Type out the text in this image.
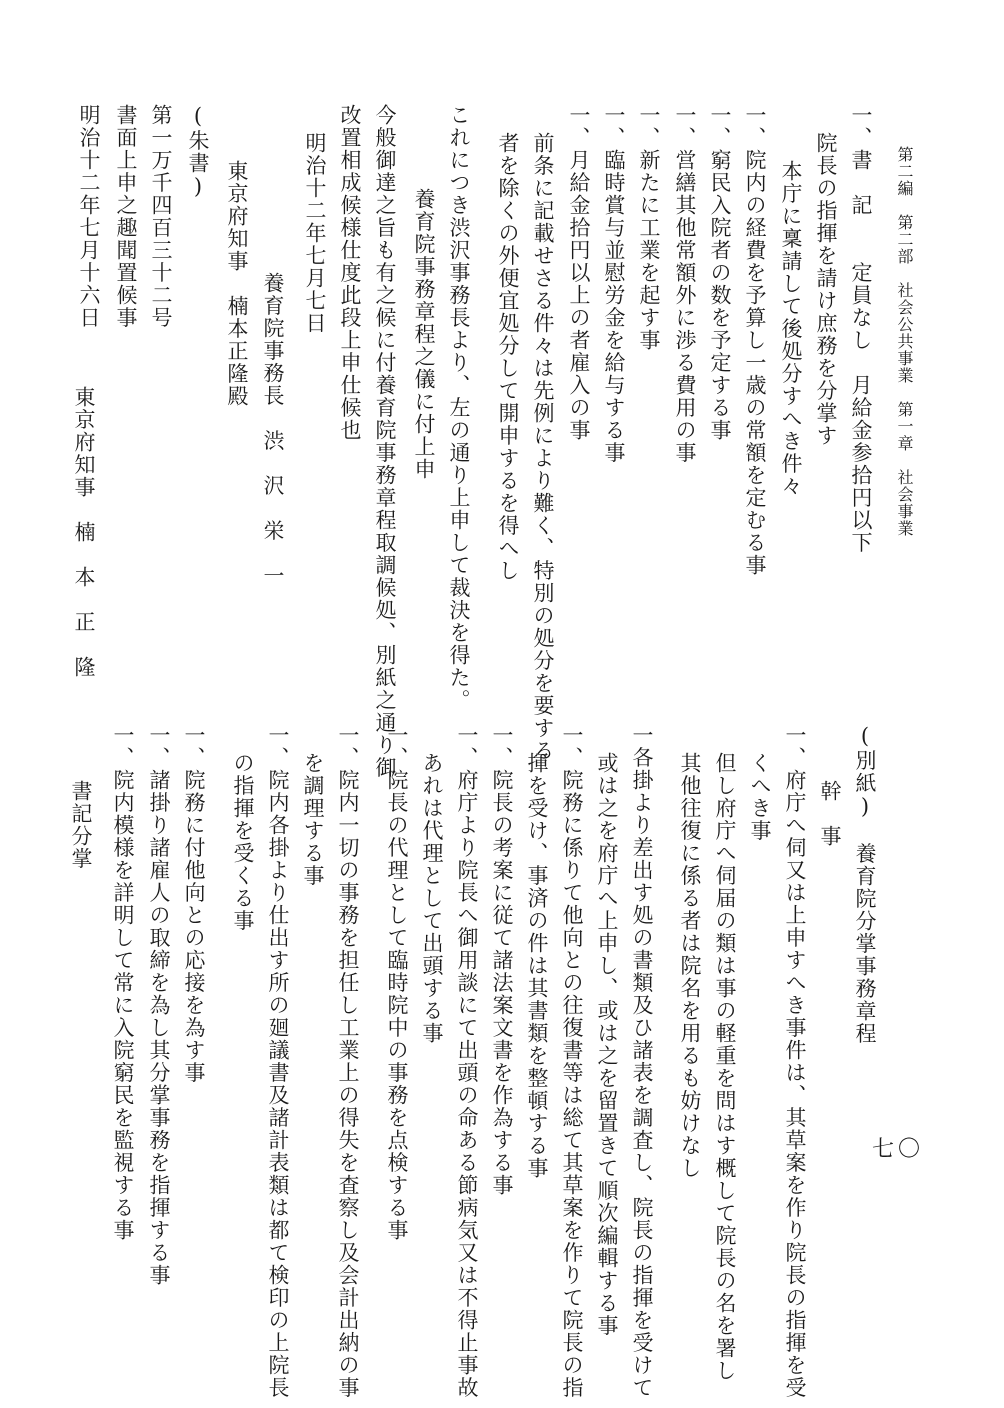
第二編　第二部　社会公共事業　第一章　社会事業
七〇
一、書　記　　定員なし　月給金参拾円以下
院長の指揮を請け庶務を分掌す
本庁に稟請して後処分すへき件々
一、院内の経費を予算し一歳の常額を定むる事
一、窮民入院者の数を予定する事
一、営繕其他常額外に渉る費用の事
一、新たに工業を起す事
一、臨時賞与並慰労金を給与する事
一、月給金拾円以上の者雇入の事
前条に記載せさる件々は先例により難く、特別の処分を要する
者を除くの外便宜処分して開申するを得へし
これにつき渋沢事務長より、左の通り上申して裁決を得た。
養育院事務章程之儀に付上申
今般御達之旨も有之候に付養育院事務章程取調候処、別紙之通り御
改置相成候様仕度此段上申仕候也
明治十二年七月七日
養育院事務長　渋　沢　栄　一
東京府知事　楠本正隆殿
(朱書)
第一万千四百三十二号
書面上申之趣聞置候事
明治十二年七月十六日
東京府知事　楠　本　正　隆
(別紙)　養育院分掌事務章程
幹　事
一、府庁へ伺又は上申すへき事件は、其草案を作り院長の指揮を受
くへき事
但し府庁へ伺届の類は事の軽重を問はす概して院長の名を署し
其他往復に係る者は院名を用るも妨けなし
一各掛より差出す処の書類及ひ諸表を調査し、院長の指揮を受けて
或は之を府庁へ上申し、或は之を留置きて順次編輯する事
一、院務に係りて他向との往復書等は総て其草案を作りて院長の指
揮を受け、事済の件は其書類を整頓する事
一、院長の考案に従て諸法案文書を作為する事
一、府庁より院長へ御用談にて出頭の命ある節病気又は不得止事故
あれは代理として出頭する事
一、院長の代理として臨時院中の事務を点検する事
一、院内一切の事務を担任し工業上の得失を査察し及会計出納の事
を調理する事
一、院内各掛より仕出す所の廻議書及諸計表類は都て検印の上院長
の指揮を受くる事
一、院務に付他向との応接を為す事
一、諸掛り諸雇人の取締を為し其分掌事務を指揮する事
一、院内模様を詳明して常に入院窮民を監視する事
書記分掌
